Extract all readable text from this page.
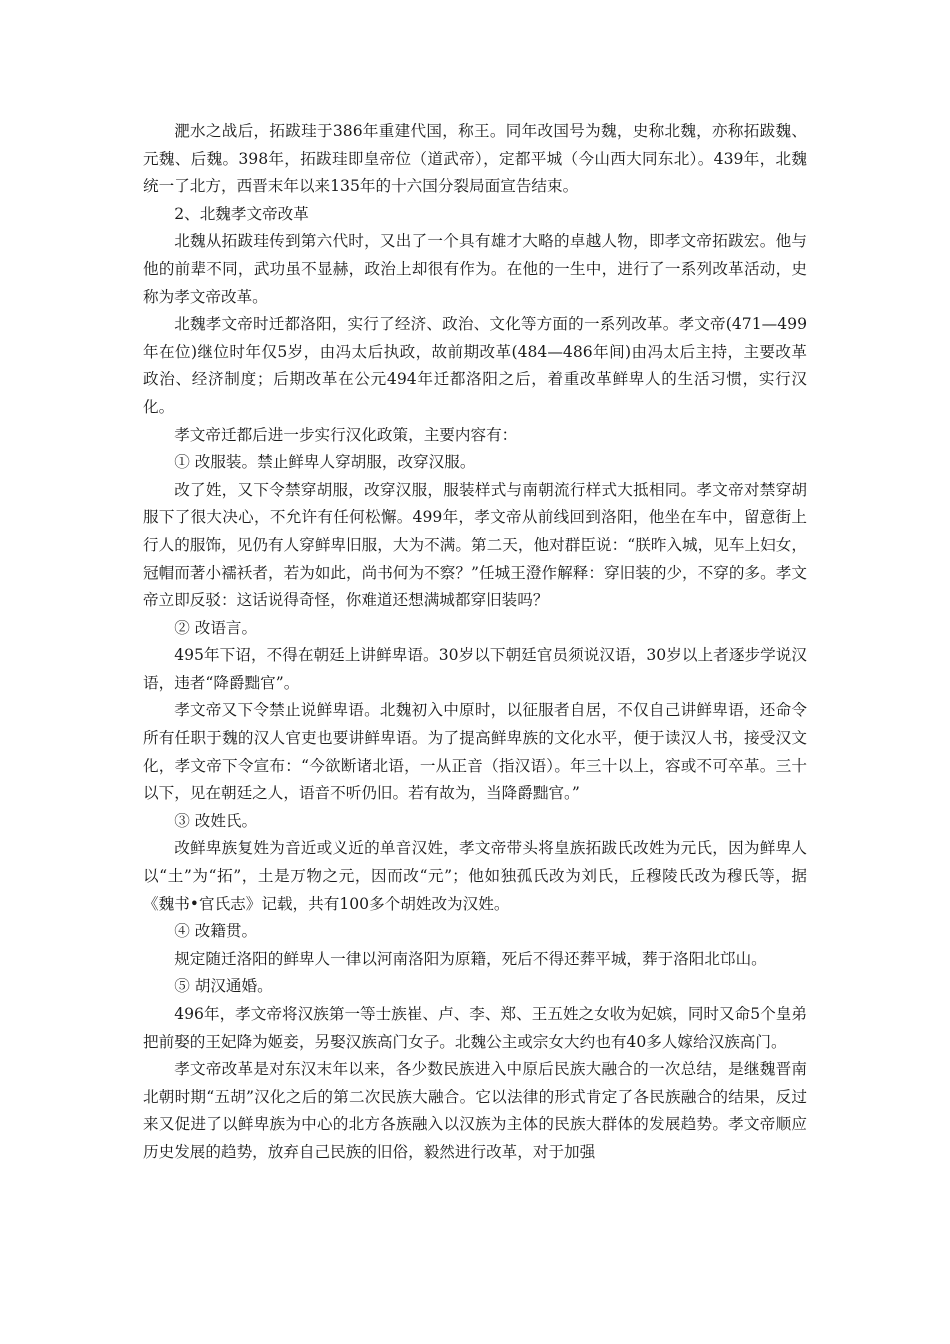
淝水之战后，拓跋珪于386年重建代国，称王。同年改国号为魏，史称北魏，亦称拓跋魏、元魏、后魏。398年，拓跋珪即皇帝位（道武帝），定都平城（今山西大同东北）。439年，北魏统一了北方，西晋末年以来135年的十六国分裂局面宣告结束。

2、北魏孝文帝改革

北魏从拓跋珪传到第六代时，又出了一个具有雄才大略的卓越人物，即孝文帝拓跋宏。他与他的前辈不同，武功虽不显赫，政治上却很有作为。在他的一生中，进行了一系列改革活动，史称为孝文帝改革。

北魏孝文帝时迁都洛阳，实行了经济、政治、文化等方面的一系列改革。孝文帝(471—499年在位)继位时年仅5岁，由冯太后执政，故前期改革(484—486年间)由冯太后主持，主要改革政治、经济制度；后期改革在公元494年迁都洛阳之后，着重改革鲜卑人的生活习惯，实行汉化。

孝文帝迁都后进一步实行汉化政策，主要内容有：

① 改服装。禁止鲜卑人穿胡服，改穿汉服。

改了姓，又下令禁穿胡服，改穿汉服，服装样式与南朝流行样式大抵相同。孝文帝对禁穿胡服下了很大决心，不允许有任何松懈。499年，孝文帝从前线回到洛阳，他坐在车中，留意街上行人的服饰，见仍有人穿鲜卑旧服，大为不满。第二天，他对群臣说：“朕昨入城，见车上妇女，冠帽而著小襦袄者，若为如此，尚书何为不察？”任城王澄作解释：穿旧装的少，不穿的多。孝文帝立即反驳：这话说得奇怪，你难道还想满城都穿旧装吗？

② 改语言。

495年下诏，不得在朝廷上讲鲜卑语。30岁以下朝廷官员须说汉语，30岁以上者逐步学说汉语，违者“降爵黜官”。

孝文帝又下令禁止说鲜卑语。北魏初入中原时，以征服者自居，不仅自己讲鲜卑语，还命令所有任职于魏的汉人官吏也要讲鲜卑语。为了提高鲜卑族的文化水平，便于读汉人书，接受汉文化，孝文帝下令宣布：“今欲断诸北语，一从正音（指汉语）。年三十以上，容或不可卒革。三十以下，见在朝廷之人，语音不听仍旧。若有故为，当降爵黜官。”

③ 改姓氏。

改鲜卑族复姓为音近或义近的单音汉姓，孝文帝带头将皇族拓跋氏改姓为元氏，因为鲜卑人以“土”为“拓”，土是万物之元，因而改“元”；他如独孤氏改为刘氏，丘穆陵氏改为穆氏等，据《魏书•官氏志》记载，共有100多个胡姓改为汉姓。

④ 改籍贯。

规定随迁洛阳的鲜卑人一律以河南洛阳为原籍，死后不得还葬平城，葬于洛阳北邙山。

⑤ 胡汉通婚。

496年，孝文帝将汉族第一等士族崔、卢、李、郑、王五姓之女收为妃嫔，同时又命5个皇弟把前娶的王妃降为姬妾，另娶汉族高门女子。北魏公主或宗女大约也有40多人嫁给汉族高门。

孝文帝改革是对东汉末年以来，各少数民族进入中原后民族大融合的一次总结，是继魏晋南北朝时期“五胡”汉化之后的第二次民族大融合。它以法律的形式肯定了各民族融合的结果，反过来又促进了以鲜卑族为中心的北方各族融入以汉族为主体的民族大群体的发展趋势。孝文帝顺应历史发展的趋势，放弃自己民族的旧俗，毅然进行改革，对于加强
